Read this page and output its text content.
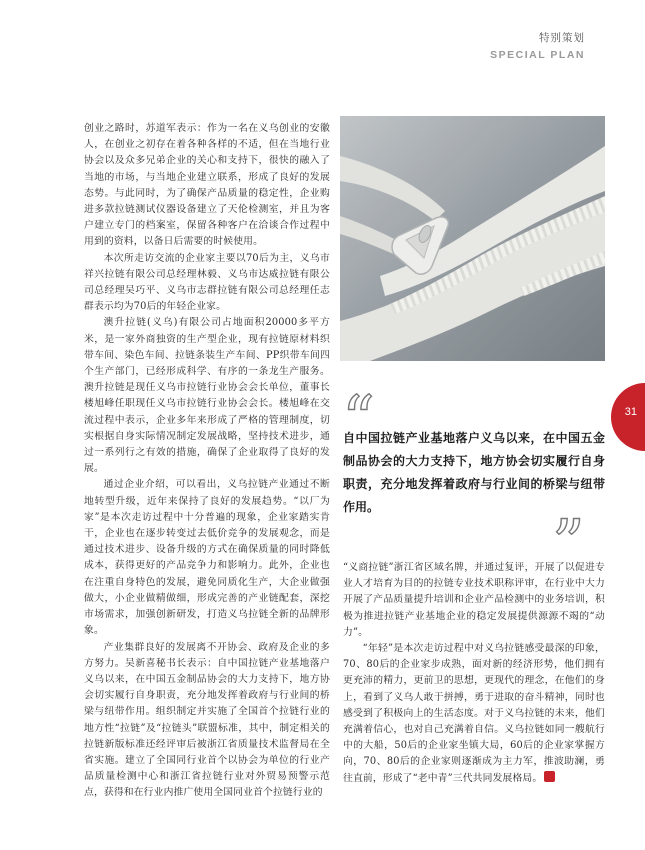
特别策划
SPECIAL PLAN

创业之路时，苏道军表示：作为一名在义乌创业的安徽人，在创业之初存在着各种各样的不适，但在当地行业协会以及众多兄弟企业的关心和支持下，很快的融入了当地的市场，与当地企业建立联系，形成了良好的发展态势。与此同时，为了确保产品质量的稳定性，企业购进多款拉链测试仪器设备建立了天伦检测室，并且为客户建立专门的档案室，保留各种客户在洽谈合作过程中用到的资料，以备日后需要的时候使用。

本次所走访交流的企业家主要以70后为主，义乌市祥兴拉链有限公司总经理林毅、义乌市达威拉链有限公司总经理吴巧平、义乌市志群拉链有限公司总经理任志群表示均为70后的年轻企业家。

澳升拉链(义乌)有限公司占地面积20000多平方米，是一家外商独资的生产型企业，现有拉链原材料织带车间、染色车间、拉链条装生产车间、PP织带车间四个生产部门，已经形成科学、有序的一条龙生产服务。澳升拉链是现任义乌市拉链行业协会会长单位，董事长楼旭峰任职现任义乌市拉链行业协会会长。楼旭峰在交流过程中表示，企业多年来形成了严格的管理制度，切实根据自身实际情况制定发展战略，坚持技术进步，通过一系列行之有效的措施，确保了企业取得了良好的发展。

通过企业介绍，可以看出，义乌拉链产业通过不断地转型升级，近年来保持了良好的发展趋势。“以厂为家”是本次走访过程中十分普遍的现象，企业家踏实肯干，企业也在逐步转变过去低价竞争的发展观念，而是通过技术进步、设备升级的方式在确保质量的同时降低成本，获得更好的产品竞争力和影响力。此外，企业也在注重自身特色的发展，避免同质化生产，大企业做强做大，小企业做精做细，形成完善的产业链配套，深挖市场需求，加强创新研发，打造义乌拉链全新的品牌形象。

产业集群良好的发展离不开协会、政府及企业的多方努力。吴新喜秘书长表示：自中国拉链产业基地落户义乌以来，在中国五金制品协会的大力支持下，地方协会切实履行自身职责，充分地发挥着政府与行业间的桥梁与纽带作用。组织制定并实施了全国首个拉链行业的地方性“拉链”及“拉链头”联盟标准，其中，制定相关的拉链新版标准还经评审后被浙江省质量技术监督局在全省实施。建立了全国同行业首个以协会为单位的行业产品质量检测中心和浙江省拉链行业对外贸易预警示范点，获得和在行业内推广使用全国同业首个拉链行业的

31
“
自中国拉链产业基地落户义乌以来，在中国五金制品协会的大力支持下，地方协会切实履行自身职责，充分地发挥着政府与行业间的桥梁与纽带作用。	”

“义商拉链”浙江省区域名牌，并通过复评，开展了以促进专业人才培育为目的的拉链专业技术职称评审，在行业中大力开展了产品质量提升培训和企业产品检测中的业务培训，积极为推进拉链产业基地企业的稳定发展提供源源不竭的“动力”。

“年轻”是本次走访过程中对义乌拉链感受最深的印象，70、80后的企业家步成熟，面对新的经济形势，他们拥有更充沛的精力，更前卫的思想，更现代的理念，在他们的身上，看到了义乌人敢于拼搏，勇于进取的奋斗精神，同时也感受到了积极向上的生活态度。对于义乌拉链的未来，他们充满着信心，也对自己充满着自信。义乌拉链如同一艘航行中的大船，50后的企业家坐镇大局，60后的企业家掌握方向，70、80后的企业家则逐渐成为主力军，推波助澜，勇往直前，形成了“老中青”三代共同发展格局。
